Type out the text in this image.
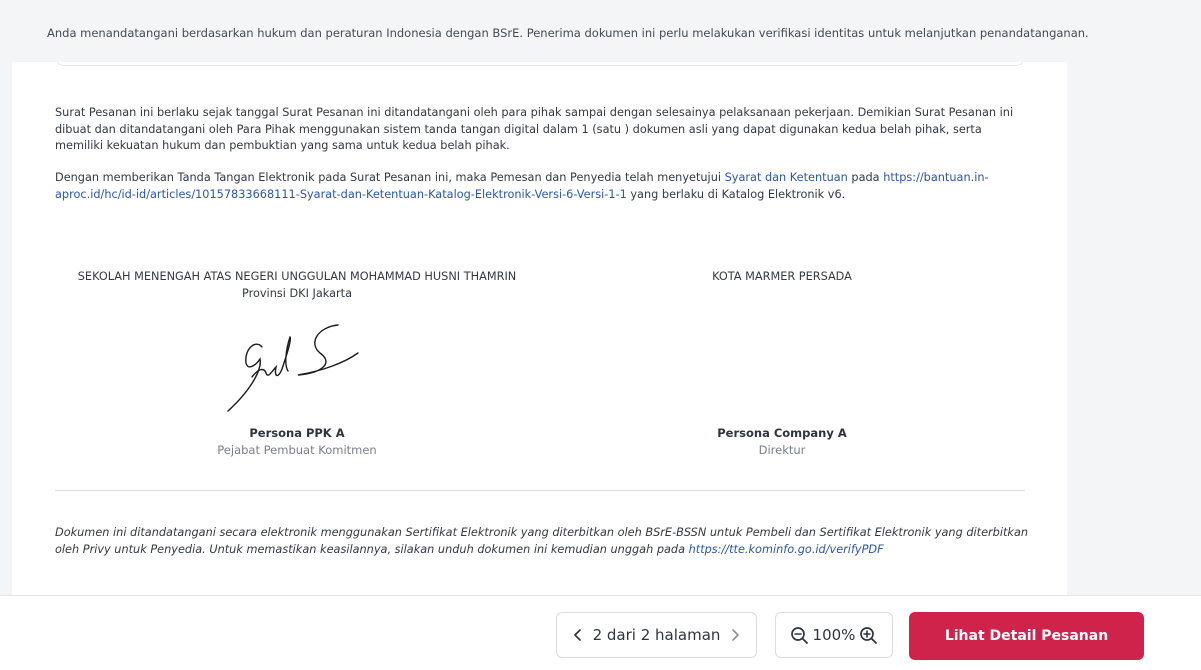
Anda menandatangani berdasarkan hukum dan peraturan Indonesia dengan BSrE. Penerima dokumen ini perlu melakukan verifikasi identitas untuk melanjutkan penandatanganan.

Surat Pesanan ini berlaku sejak tanggal Surat Pesanan ini ditandatangani oleh para pihak sampai dengan selesainya pelaksanaan pekerjaan. Demikian Surat Pesanan ini dibuat dan ditandatangani oleh Para Pihak menggunakan sistem tanda tangan digital dalam 1 (satu ) dokumen asli yang dapat digunakan kedua belah pihak, serta memiliki kekuatan hukum dan pembuktian yang sama untuk kedua belah pihak.

Dengan memberikan Tanda Tangan Elektronik pada Surat Pesanan ini, maka Pemesan dan Penyedia telah menyetujui Syarat dan Ketentuan pada https://bantuan.in-aproc.id/hc/id-id/articles/10157833668111-Syarat-dan-Ketentuan-Katalog-Elektronik-Versi-6-Versi-1-1 yang berlaku di Katalog Elektronik v6.

SEKOLAH MENENGAH ATAS NEGERI UNGGULAN MOHAMMAD HUSNI THAMRIN
Provinsi DKI Jakarta
KOTA MARMER PERSADA
Persona PPK A
Pejabat Pembuat Komitmen
Persona Company A
Direktur

Dokumen ini ditandatangani secara elektronik menggunakan Sertifikat Elektronik yang diterbitkan oleh BSrE-BSSN untuk Pembeli dan Sertifikat Elektronik yang diterbitkan oleh Privy untuk Penyedia. Untuk memastikan keasilannya, silakan unduh dokumen ini kemudian unggah pada https://tte.kominfo.go.id/verifyPDF

2 dari 2 halaman	100%	Lihat Detail Pesanan
